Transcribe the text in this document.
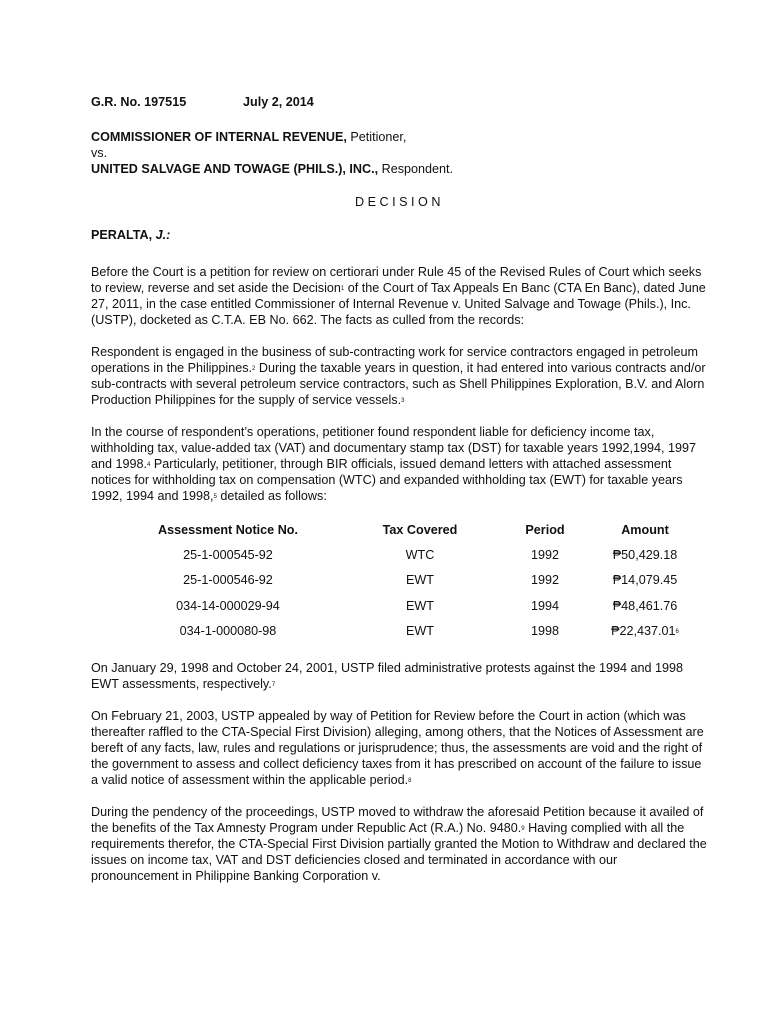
G.R. No. 197515	July 2, 2014

COMMISSIONER OF INTERNAL REVENUE, Petitioner,

vs.

UNITED SALVAGE AND TOWAGE (PHILS.), INC., Respondent.

DECISION

PERALTA, J.:

Before the Court is a petition for review on certiorari under Rule 45 of the Revised Rules of Court which seeks to review, reverse and set aside the Decision$^1$ of the Court of Tax Appeals En Banc (CTA En Banc), dated June 27, 2011, in the case entitled Commissioner of Internal Revenue v. United Salvage and Towage (Phils.), Inc. (USTP), docketed as C.T.A. EB No. 662. The facts as culled from the records:

Respondent is engaged in the business of sub-contracting work for service contractors engaged in petroleum operations in the Philippines.$^2$ During the taxable years in question, it had entered into various contracts and/or sub-contracts with several petroleum service contractors, such as Shell Philippines Exploration, B.V. and Alorn Production Philippines for the supply of service vessels.$^3$

In the course of respondent’s operations, petitioner found respondent liable for deficiency income tax, withholding tax, value-added tax (VAT) and documentary stamp tax (DST) for taxable years 1992,1994, 1997 and 1998.$^4$ Particularly, petitioner, through BIR officials, issued demand letters with attached assessment notices for withholding tax on compensation (WTC) and expanded withholding tax (EWT) for taxable years 1992, 1994 and 1998,$^5$ detailed as follows:

Assessment Notice No.	Tax Covered	Period	Amount
25-1-000545-92	WTC	1992	₱50,429.18
25-1-000546-92	EWT	1992	₱14,079.45
034-14-000029-94	EWT	1994	₱48,461.76
034-1-000080-98	EWT	1998	₱22,437.01$^6$

On January 29, 1998 and October 24, 2001, USTP filed administrative protests against the 1994 and 1998 EWT assessments, respectively.$^7$

On February 21, 2003, USTP appealed by way of Petition for Review before the Court in action (which was thereafter raffled to the CTA-Special First Division) alleging, among others, that the Notices of Assessment are bereft of any facts, law, rules and regulations or jurisprudence; thus, the assessments are void and the right of the government to assess and collect deficiency taxes from it has prescribed on account of the failure to issue a valid notice of assessment within the applicable period.$^8$

During the pendency of the proceedings, USTP moved to withdraw the aforesaid Petition because it availed of the benefits of the Tax Amnesty Program under Republic Act (R.A.) No. 9480.$^9$ Having complied with all the requirements therefor, the CTA-Special First Division partially granted the Motion to Withdraw and declared the issues on income tax, VAT and DST deficiencies closed and terminated in accordance with our pronouncement in Philippine Banking Corporation v.
